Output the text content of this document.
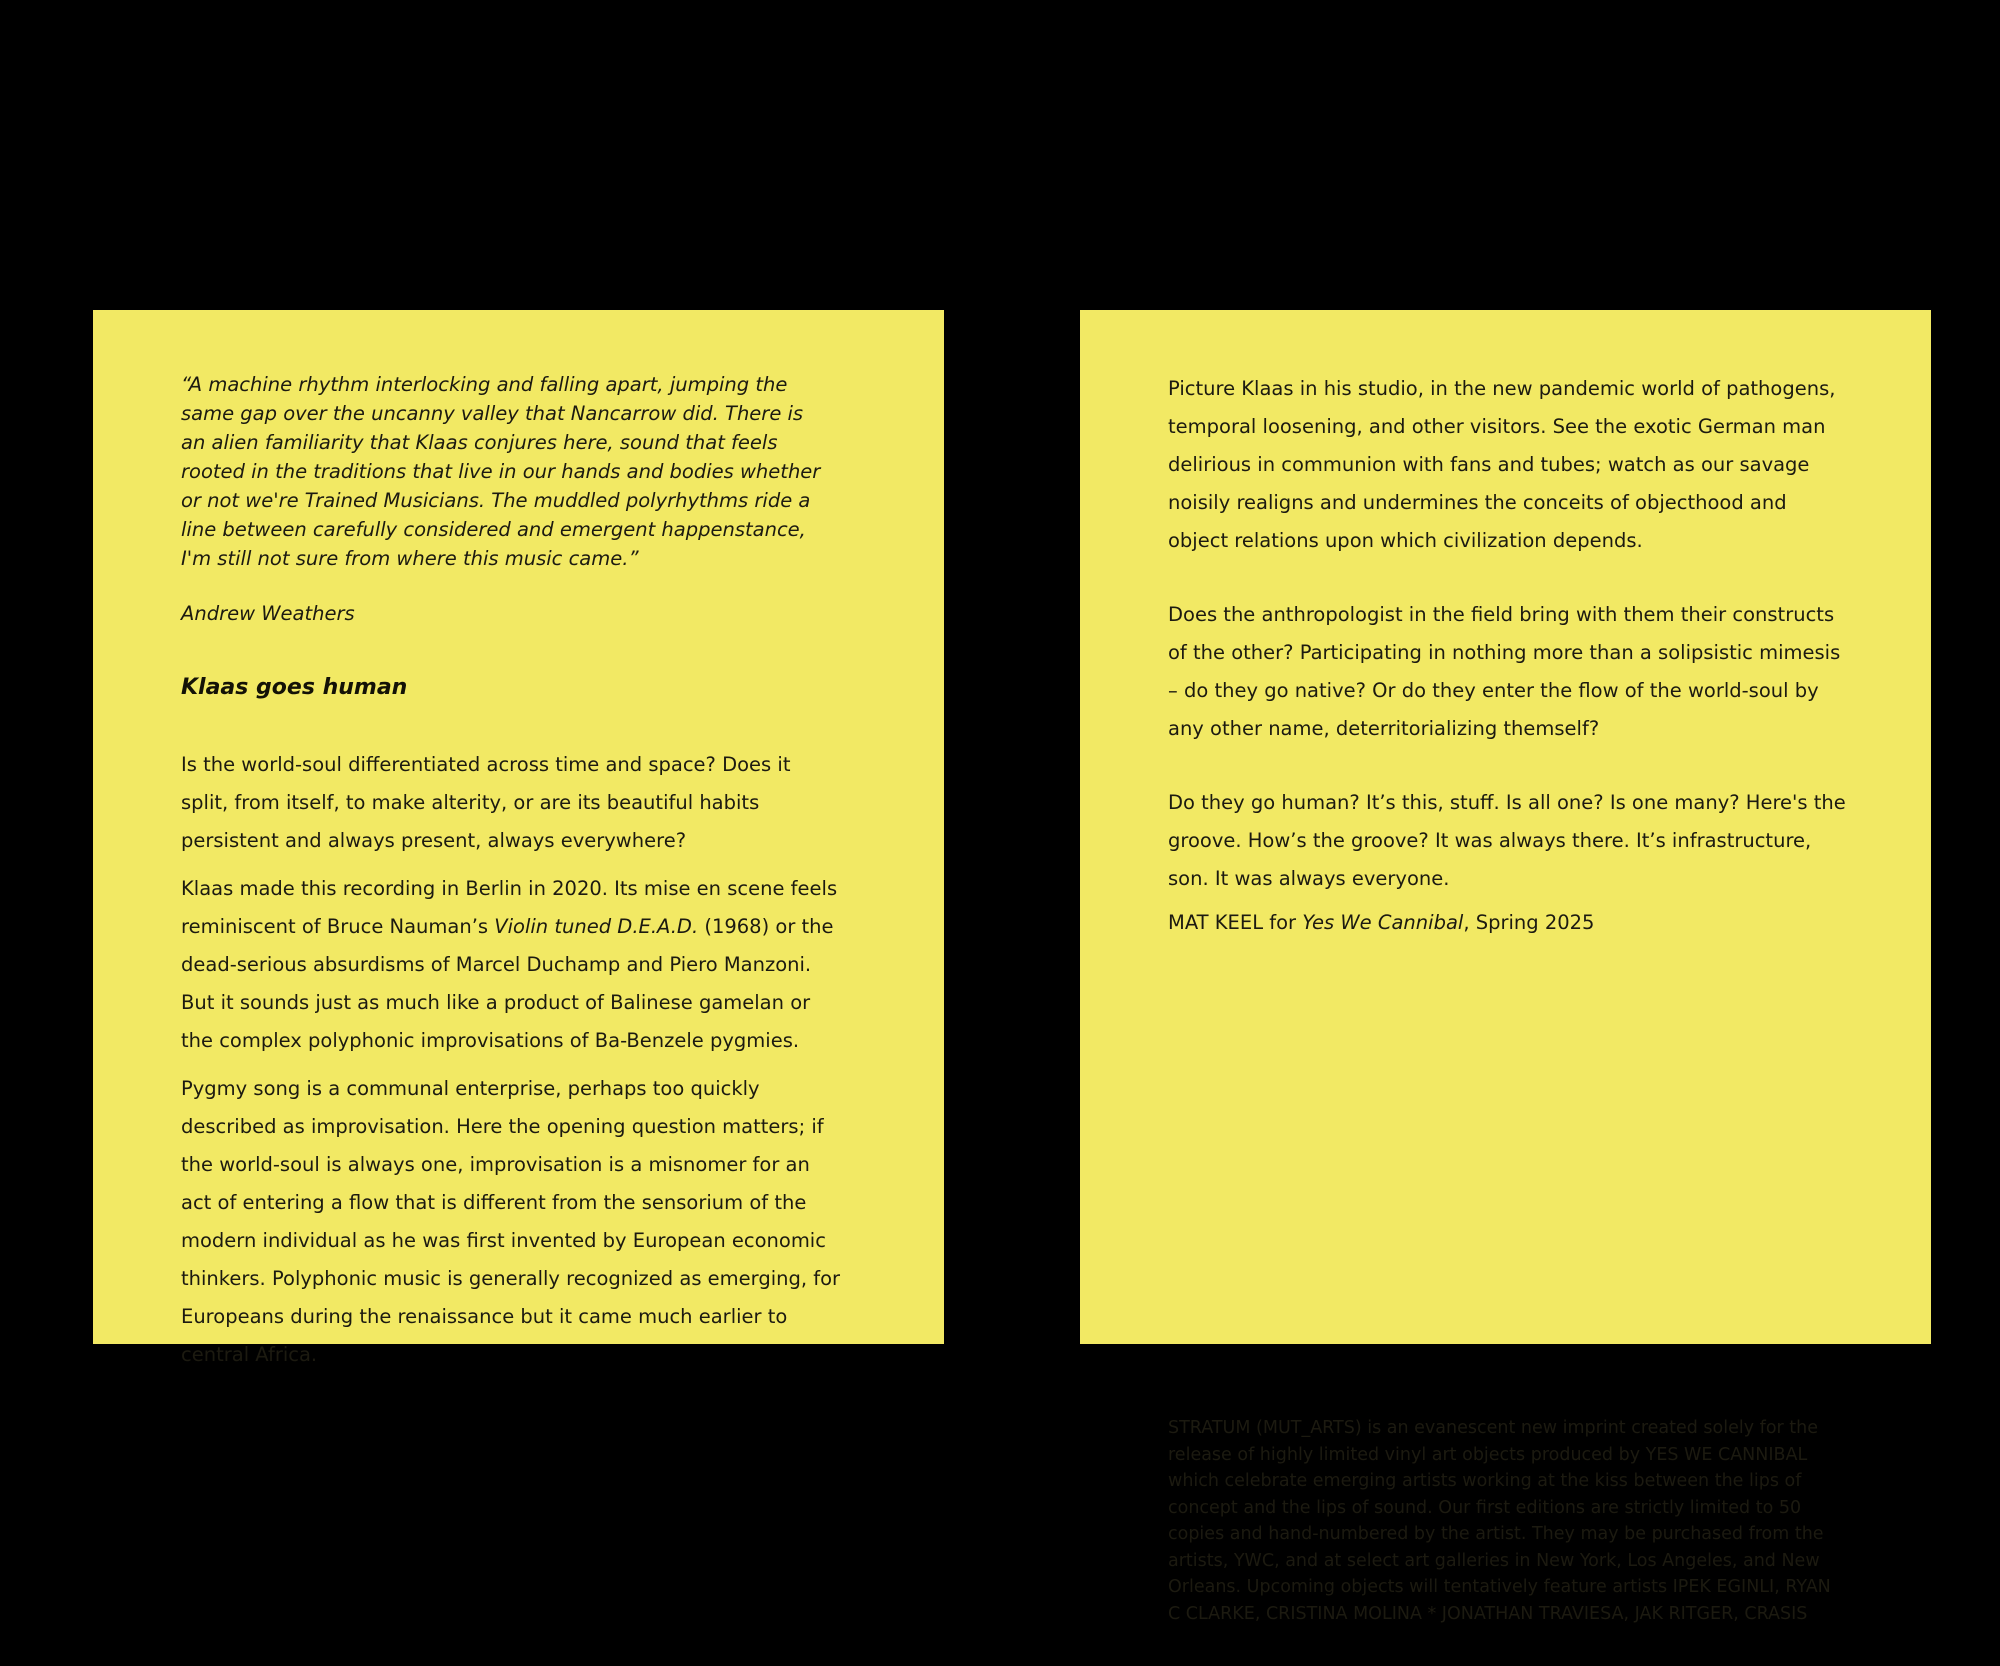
“A machine rhythm interlocking and falling apart, jumping the same gap over the uncanny valley that Nancarrow did. There is an alien familiarity that Klaas conjures here, sound that feels rooted in the traditions that live in our hands and bodies whether or not we're Trained Musicians. The muddled polyrhythms ride a line between carefully considered and emergent happenstance, I'm still not sure from where this music came.”

Andrew Weathers

Klaas goes human

Is the world-soul differentiated across time and space? Does it split, from itself, to make alterity, or are its beautiful habits persistent and always present, always everywhere?

Klaas made this recording in Berlin in 2020. Its mise en scene feels reminiscent of Bruce Nauman’s Violin tuned D.E.A.D. (1968) or the dead-serious absurdisms of Marcel Duchamp and Piero Manzoni. But it sounds just as much like a product of Balinese gamelan or the complex polyphonic improvisations of Ba-Benzele pygmies.

Pygmy song is a communal enterprise, perhaps too quickly described as improvisation. Here the opening question matters; if the world-soul is always one, improvisation is a misnomer for an act of entering a flow that is different from the sensorium of the modern individual as he was first invented by European economic thinkers. Polyphonic music is generally recognized as emerging, for Europeans during the renaissance but it came much earlier to central Africa.

Picture Klaas in his studio, in the new pandemic world of pathogens, temporal loosening, and other visitors. See the exotic German man delirious in communion with fans and tubes; watch as our savage noisily realigns and undermines the conceits of objecthood and object relations upon which civilization depends.

Does the anthropologist in the field bring with them their constructs of the other? Participating in nothing more than a solipsistic mimesis – do they go native? Or do they enter the flow of the world-soul by any other name, deterritorializing themself?

Do they go human? It’s this, stuff. Is all one? Is one many? Here's the groove. How’s the groove? It was always there. It’s infrastructure, son. It was always everyone.

MAT KEEL for Yes We Cannibal, Spring 2025

STRATUM (MUT_ARTS) is an evanescent new imprint created solely for the release of highly limited vinyl art objects produced by YES WE CANNIBAL which celebrate emerging artists working at the kiss between the lips of concept and the lips of sound. Our first editions are strictly limited to 50 copies and hand-numbered by the artist. They may be purchased from the artists, YWC, and at select art galleries in New York, Los Angeles, and New Orleans. Upcoming objects will tentatively feature artists IPEK EGINLI, RYAN C CLARKE, CRISTINA MOLINA * JONATHAN TRAVIESA, JAK RITGER, CRASIS
